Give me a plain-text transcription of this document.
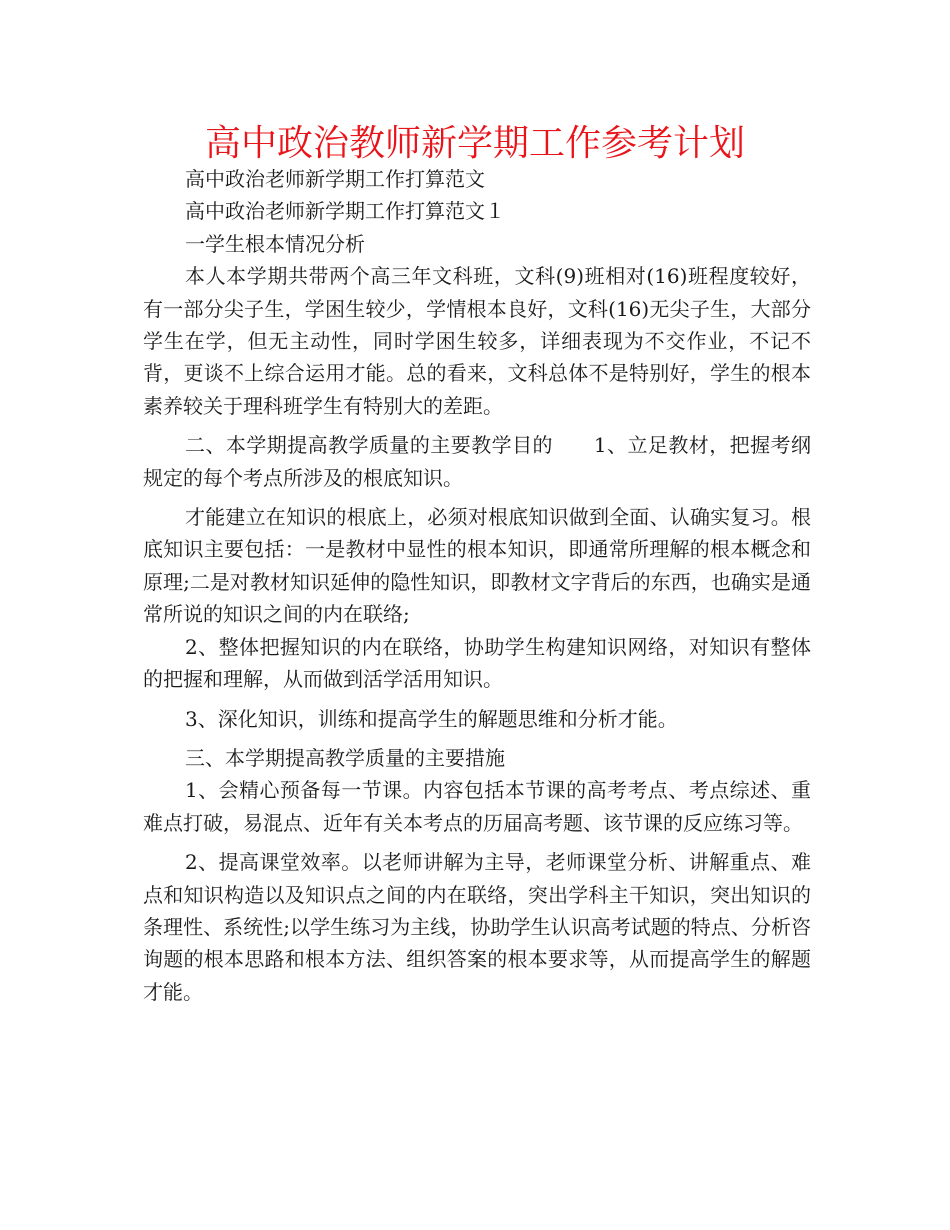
高中政治教师新学期工作参考计划

高中政治老师新学期工作打算范文

高中政治老师新学期工作打算范文１

一学生根本情况分析

本人本学期共带两个高三年文科班，文科(9)班相对(16)班程度较好，有一部分尖子生，学困生较少，学情根本良好，文科(16)无尖子生，大部分学生在学，但无主动性，同时学困生较多，详细表现为不交作业，不记不背，更谈不上综合运用才能。总的看来，文科总体不是特别好，学生的根本素养较关于理科班学生有特别大的差距。

二、本学期提高教学质量的主要教学目的　　1、立足教材，把握考纲规定的每个考点所涉及的根底知识。

才能建立在知识的根底上，必须对根底知识做到全面、认确实复习。根底知识主要包括：一是教材中显性的根本知识，即通常所理解的根本概念和原理;二是对教材知识延伸的隐性知识，即教材文字背后的东西，也确实是通常所说的知识之间的内在联络;

2、整体把握知识的内在联络，协助学生构建知识网络，对知识有整体的把握和理解，从而做到活学活用知识。

3、深化知识，训练和提高学生的解题思维和分析才能。

三、本学期提高教学质量的主要措施

1、会精心预备每一节课。内容包括本节课的高考考点、考点综述、重难点打破，易混点、近年有关本考点的历届高考题、该节课的反应练习等。

2、提高课堂效率。以老师讲解为主导，老师课堂分析、讲解重点、难点和知识构造以及知识点之间的内在联络，突出学科主干知识，突出知识的条理性、系统性;以学生练习为主线，协助学生认识高考试题的特点、分析咨询题的根本思路和根本方法、组织答案的根本要求等，从而提高学生的解题才能。
